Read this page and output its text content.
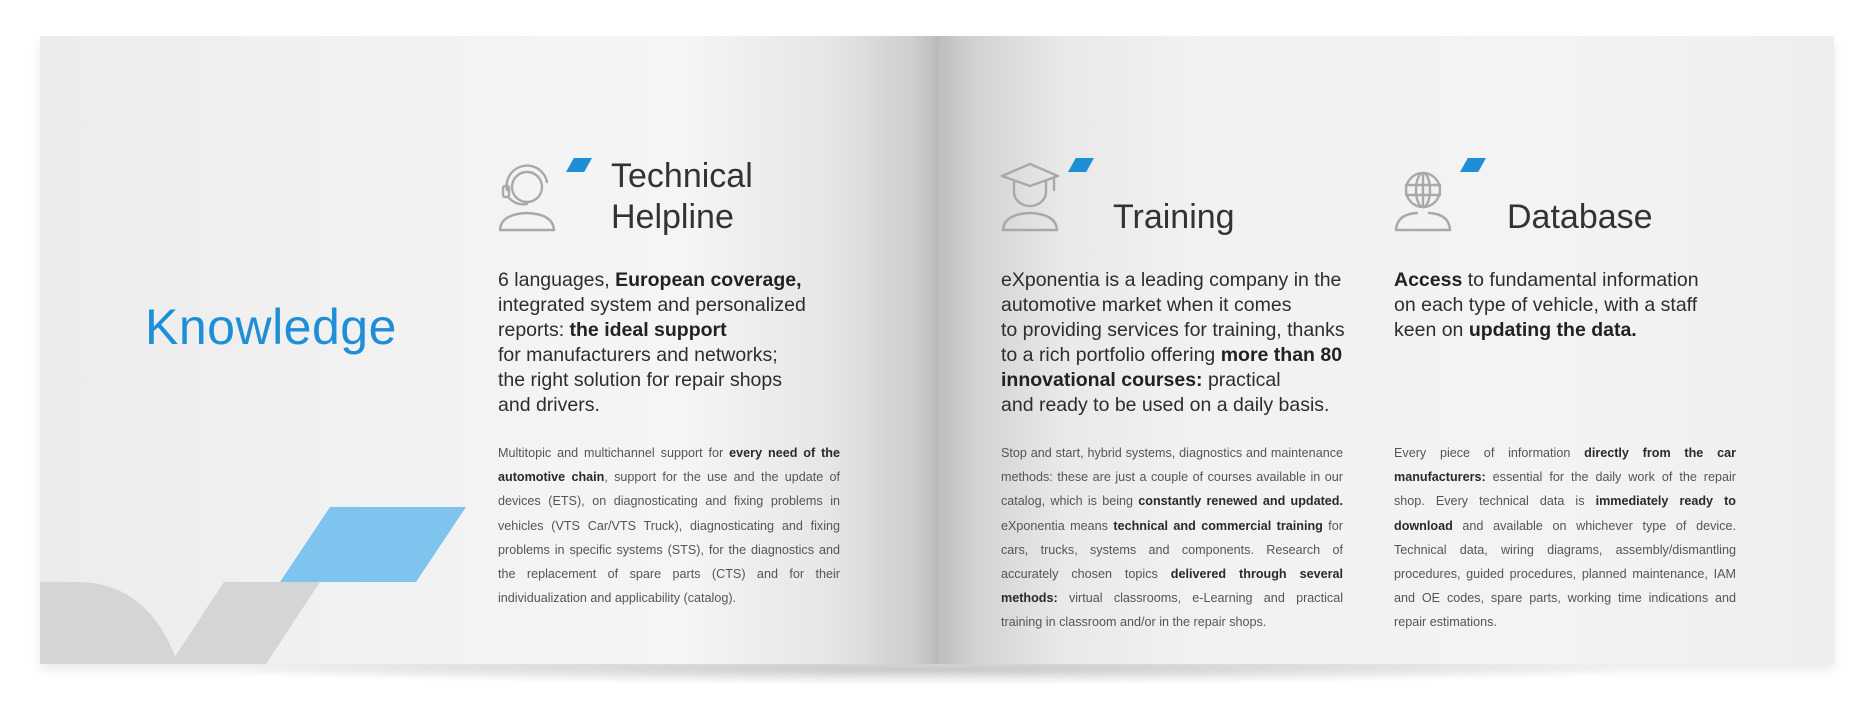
Knowledge
Technical
Helpline

6 languages, European coverage,
integrated system and personalized
reports: the ideal support
for manufacturers and networks;
the right solution for repair shops
and drivers.

Multitopic and multichannel support for every need of the automotive chain, support for the use and the update of devices (ETS), on diagnosticating and fixing problems in vehicles (VTS Car/VTS Truck), diagnosticating and fixing problems in specific systems (STS), for the diagnostics and the replacement of spare parts (CTS) and for their individualization and applicability (catalog).

Training

eXponentia is a leading company in the
automotive market when it comes
to providing services for training, thanks
to a rich portfolio offering more than 80
innovational courses: practical
and ready to be used on a daily basis.

Stop and start, hybrid systems, diagnostics and maintenance methods: these are just a couple of courses available in our catalog, which is being constantly renewed and updated. eXponentia means technical and commercial training for cars, trucks, systems and components. Research of accurately chosen topics delivered through several methods: virtual classrooms, e-Learning and practical training in classroom and/or in the repair shops.

Database

Access to fundamental information
on each type of vehicle, with a staff
keen on updating the data.

Every piece of information directly from the car manufacturers: essential for the daily work of the repair shop. Every technical data is immediately ready to download and available on whichever type of device. Technical data, wiring diagrams, assembly/dismantling procedures, guided procedures, planned maintenance, IAM and OE codes, spare parts, working time indications and repair estimations.
